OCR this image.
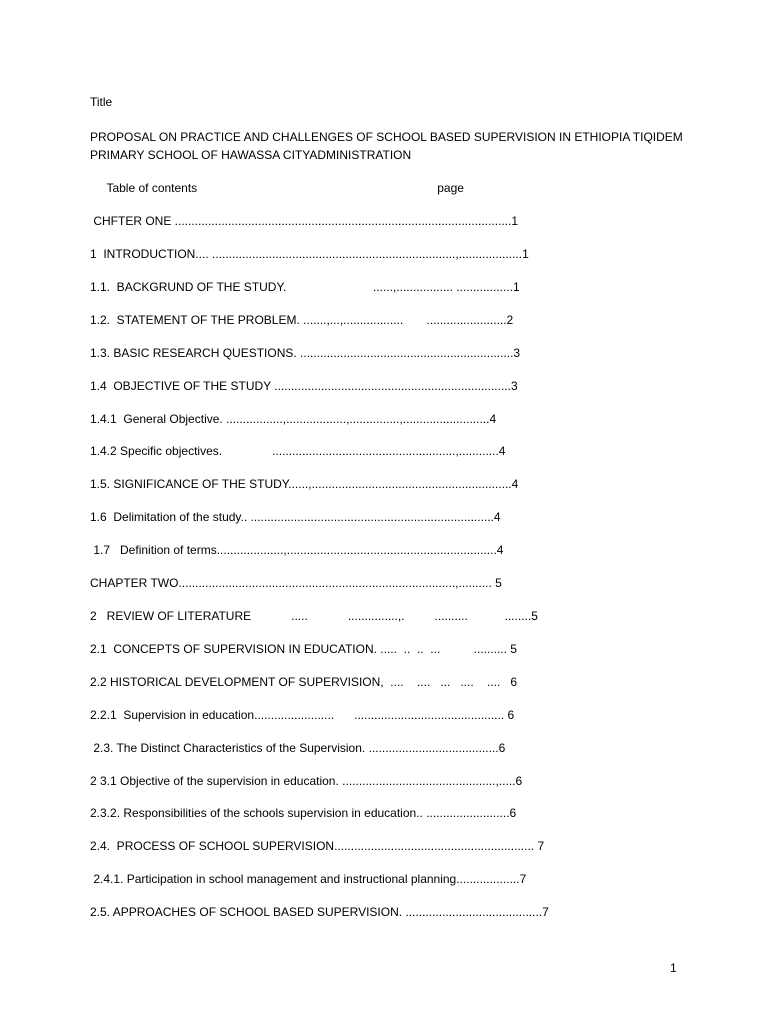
Title
PROPOSAL ON PRACTICE AND CHALLENGES OF SCHOOL BASED SUPERVISION IN ETHIOPIA TIQIDEM PRIMARY SCHOOL OF HAWASSA CITYADMINISTRATION
Table of contents                                                                        page
CHFTER ONE .....................................................................................................1
1  INTRODUCTION.... .........................................................................,...................1
1.1.  BACKGRUND OF THE STUDY.                          ......,................. .................1
1.2.  STATEMENT OF THE PROBLEM. .......,...,..................       ........................2
1.3. BASIC RESEARCH QUESTIONS. ................................................................3
1.4  OBJECTIVE OF THE STUDY .......................................................................3
1.4.1  General Objective. .................,..................,...............,..........................4
1.4.2 Specific objectives.               .......................................................,............4
1.5. SIGNIFICANCE OF THE STUDY......,............................................................4
1.6  Delimitation of the study.. .........................................................................4
1.7   Definition of terms....................,...............................................................4
CHAPTER TWO...................................................................................,.......... 5
2   REVIEW OF LITERATURE            .....            ...............,.         ..........           ........5
2.1  CONCEPTS OF SUPERVISION IN EDUCATION. .....  ..  ..  ...          .......... 5
2.2 HISTORICAL DEVELOPMENT OF SUPERVISION,  ....    ....   ...   ....    ....   6
2.2.1  Supervision in education........................      ............................................. 6
2.3. The Distinct Characteristics of the Supervision. .......................................6
2 3.1 Objective of the supervision in education. ..............................................,.....6
2.3.2. Responsibilities of the schools supervision in education.. .........................6
2.4.  PROCESS OF SCHOOL SUPERVISION............................................................ 7
2.4.1. Participation in school management and instructional planning...................7
2.5. APPROACHES OF SCHOOL BASED SUPERVISION. .........................................7
1
